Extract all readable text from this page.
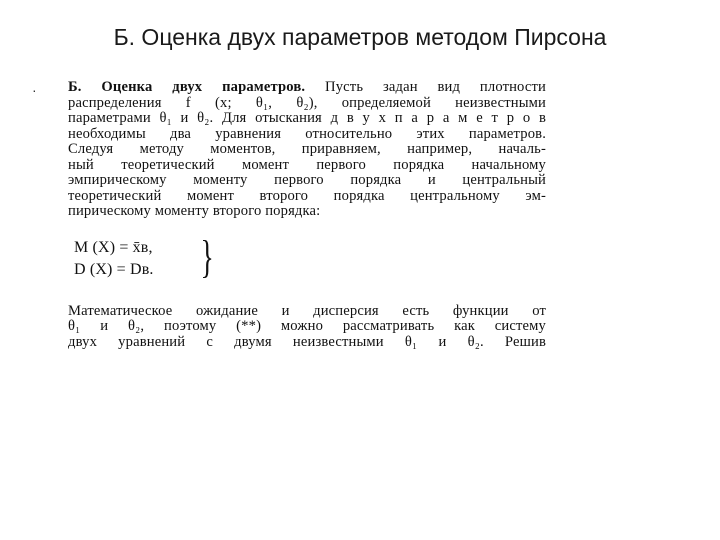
Б. Оценка двух параметров методом Пирсона
· Б. Оценка двух параметров. Пусть задан вид плотности
распределения f (x; θ₁, θ₂), определяемой неизвестными
параметрами θ₁ и θ₂. Для отыскания д в у х п а р а м е т р о в
необходимы два уравнения относительно этих параметров.
Следуя методу моментов, приравняем, например, началь-
ный теоретический момент первого порядка начальному
эмпирическому моменту первого порядка и центральный
теоретический момент второго порядка центральному эм-
пирическому моменту второго порядка:
M (X) = x̄в,
D (X) = Dв. }
Математическое ожидание и дисперсия есть функции от
θ₁ и θ₂, поэтому (**) можно рассматривать как систему
двух уравнений с двумя неизвестными θ₁ и θ₂. Решив
